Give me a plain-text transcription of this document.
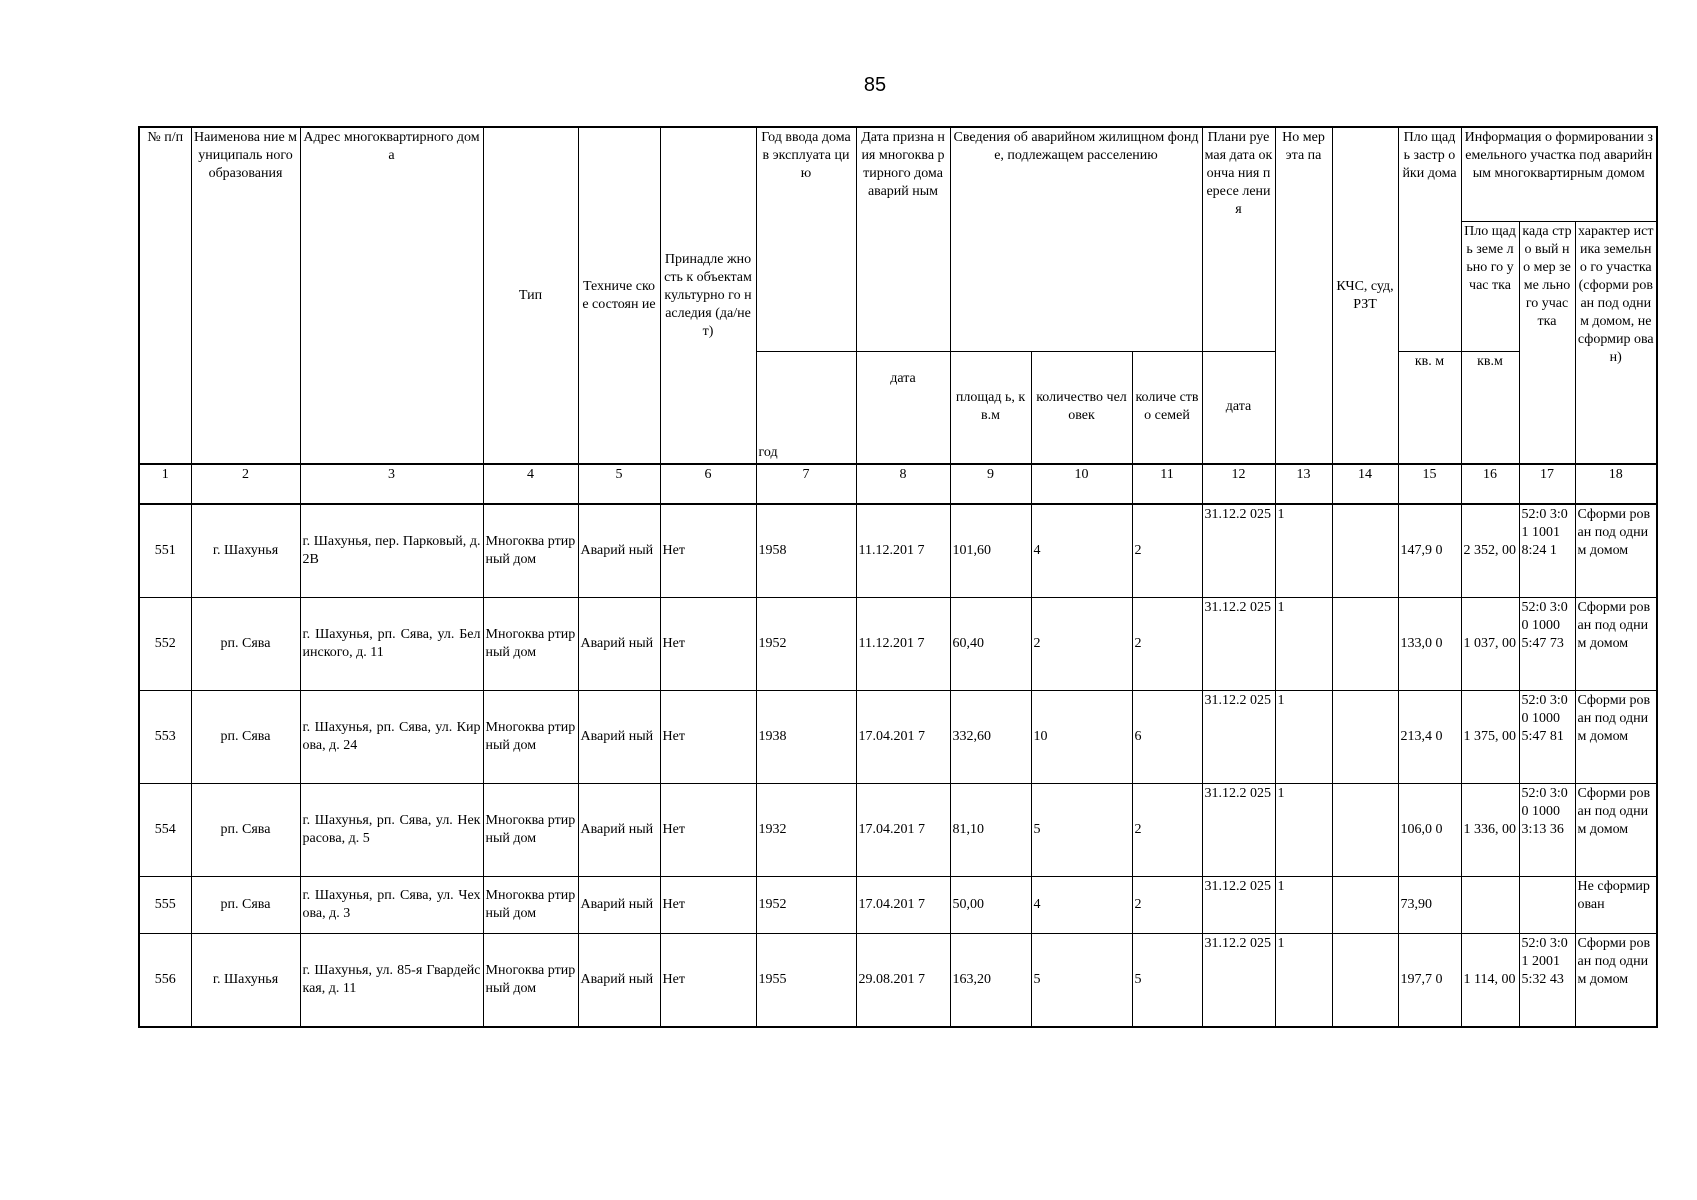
85
№ п/п	Наименова ние муниципаль ного образования	Адрес многоквартирного дома	Тип	Техниче ское состоян ие	Принадле жность к объектам культурно го наследия (да/нет)	Год ввода дома в эксплуата цию	Дата призна ния многоква ртирного дома аварий ным	Сведения об аварийном жилищном фонде, подлежащем расселению			Плани руемая дата оконча ния пересе ления	Но мер эта па	КЧС, суд, РЗТ	Пло щадь застр ойки дома	Информация о формировании земельного участка под аварийным многоквартирным домом		
															Пло щадь земе льно го учас тка	када стро вый но мер земе льно го учас тка	характер истика земельно го участка (сформи рован под одним домом, не сформир ован)
						год	дата	площад ь, кв.м	количество человек	количе ство семей	дата			кв. м	кв.м		
1	2	3	4	5	6	7	8	9	10	11	12	13	14	15	16	17	18
551	г. Шахунья	г. Шахунья, пер. Парковый, д. 2В	Многоква ртирный дом	Аварий ный	Нет	1958	11.12.201 7	101,60	4	2	31.12.2 025	1		147,9 0	2 352, 00	52:0 3:01 1001 8:24 1	Сформи рован под одним домом
552	рп. Сява	г. Шахунья, рп. Сява, ул. Белинского, д. 11	Многоква ртирный дом	Аварий ный	Нет	1952	11.12.201 7	60,40	2	2	31.12.2 025	1		133,0 0	1 037, 00	52:0 3:00 1000 5:47 73	Сформи рован под одним домом
553	рп. Сява	г. Шахунья, рп. Сява, ул. Кирова, д. 24	Многоква ртирный дом	Аварий ный	Нет	1938	17.04.201 7	332,60	10	6	31.12.2 025	1		213,4 0	1 375, 00	52:0 3:00 1000 5:47 81	Сформи рован под одним домом
554	рп. Сява	г. Шахунья, рп. Сява, ул. Некрасова, д. 5	Многоква ртирный дом	Аварий ный	Нет	1932	17.04.201 7	81,10	5	2	31.12.2 025	1		106,0 0	1 336, 00	52:0 3:00 1000 3:13 36	Сформи рован под одним домом
555	рп. Сява	г. Шахунья, рп. Сява, ул. Чехова, д. 3	Многоква ртирный дом	Аварий ный	Нет	1952	17.04.201 7	50,00	4	2	31.12.2 025	1		73,90			Не сформир ован
556	г. Шахунья	г. Шахунья, ул. 85-я Гвардейская, д. 11	Многоква ртирный дом	Аварий ный	Нет	1955	29.08.201 7	163,20	5	5	31.12.2 025	1		197,7 0	1 114, 00	52:0 3:01 2001 5:32 43	Сформи рован под одним домом
